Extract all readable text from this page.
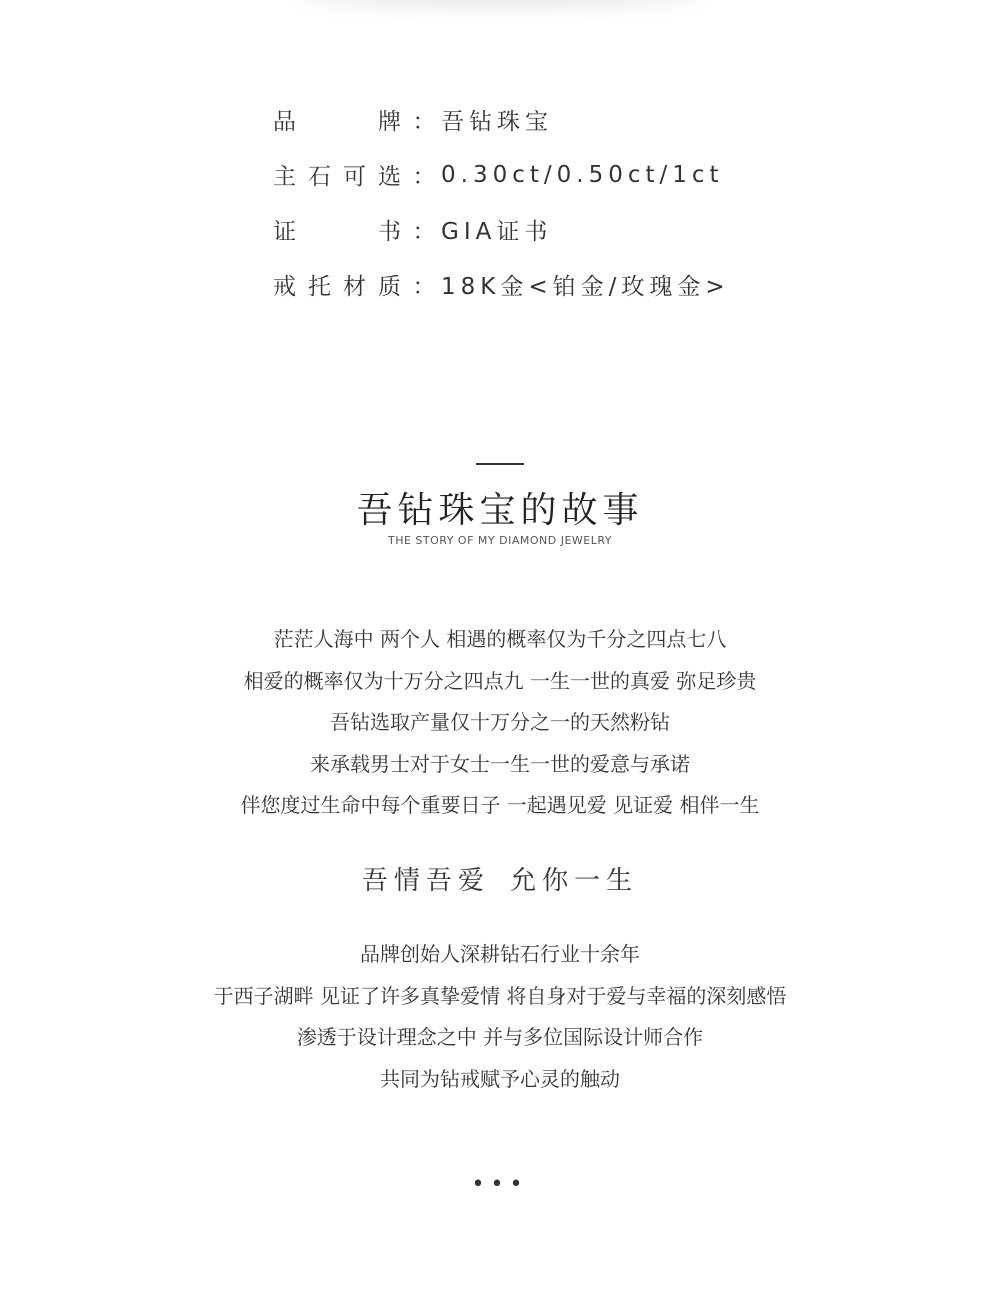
品	牌 ： 吾钻珠宝
主 石 可 选 ： 0.30ct/0.50ct/1ct
证	书 ： GIA证书
戒 托 材 质 ： 18K金<铂金/玫瑰金>
吾钻珠宝的故事
THE STORY OF MY DIAMOND JEWELRY
茫茫人海中 两个人 相遇的概率仅为千分之四点七八
相爱的概率仅为十万分之四点九 一生一世的真爱 弥足珍贵
吾钻选取产量仅十万分之一的天然粉钻
来承载男士对于女士一生一世的爱意与承诺
伴您度过生命中每个重要日子 一起遇见爱 见证爱 相伴一生
吾情吾爱 允你一生
品牌创始人深耕钻石行业十余年
于西子湖畔 见证了许多真挚爱情 将自身对于爱与幸福的深刻感悟
渗透于设计理念之中 并与多位国际设计师合作
共同为钻戒赋予心灵的触动
•••
